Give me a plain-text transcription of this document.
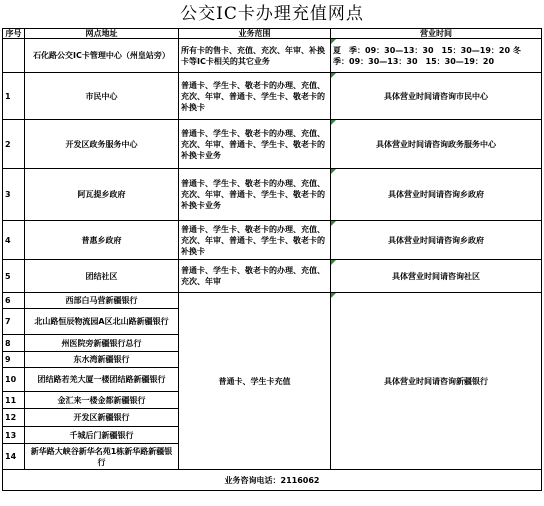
公交IC卡办理充值网点
序号	网点地址	业务范围	营业时间
	石化路公交IC卡管理中心（州皇站旁）	所有卡的售卡、充值、充次、年审、补换卡等IC卡相关的其它业务	夏　季：09：30—13：30　15：30—19：20 冬　季：09：30—13：30　15：30—19：20
1	市民中心	普通卡、学生卡、敬老卡的办理、充值、充次、年审、普通卡、学生卡、敬老卡的补换卡	具体营业时间请咨询市民中心
2	开发区政务服务中心	普通卡、学生卡、敬老卡的办理、充值、充次、年审、普通卡、学生卡、敬老卡的补换卡业务	具体营业时间请咨询政务服务中心
3	阿瓦提乡政府	普通卡、学生卡、敬老卡的办理、充值、充次、年审、普通卡、学生卡、敬老卡的补换卡业务	具体营业时间请咨询乡政府
4	普惠乡政府	普通卡、学生卡、敬老卡的办理、充值、充次、年审、普通卡、学生卡、敬老卡的补换卡	具体营业时间请咨询乡政府
5	团结社区	普通卡、学生卡、敬老卡的办理、充值、充次、年审	具体营业时间请咨询社区
6	西部白马营新疆银行	普通卡、学生卡充值	具体营业时间请咨询新疆银行
7	北山路恒辰物流园A区北山路新疆银行		
8	州医院旁新疆银行总行		
9	东水湾新疆银行		
10	团结路若羌大厦一楼团结路新疆银行		
11	金汇来一楼金都新疆银行		
12	开发区新疆银行		
13	千城后门新疆银行		
14	新华路大峡谷新华名苑1栋新华路新疆银行		
业务咨询电话：2116062			
